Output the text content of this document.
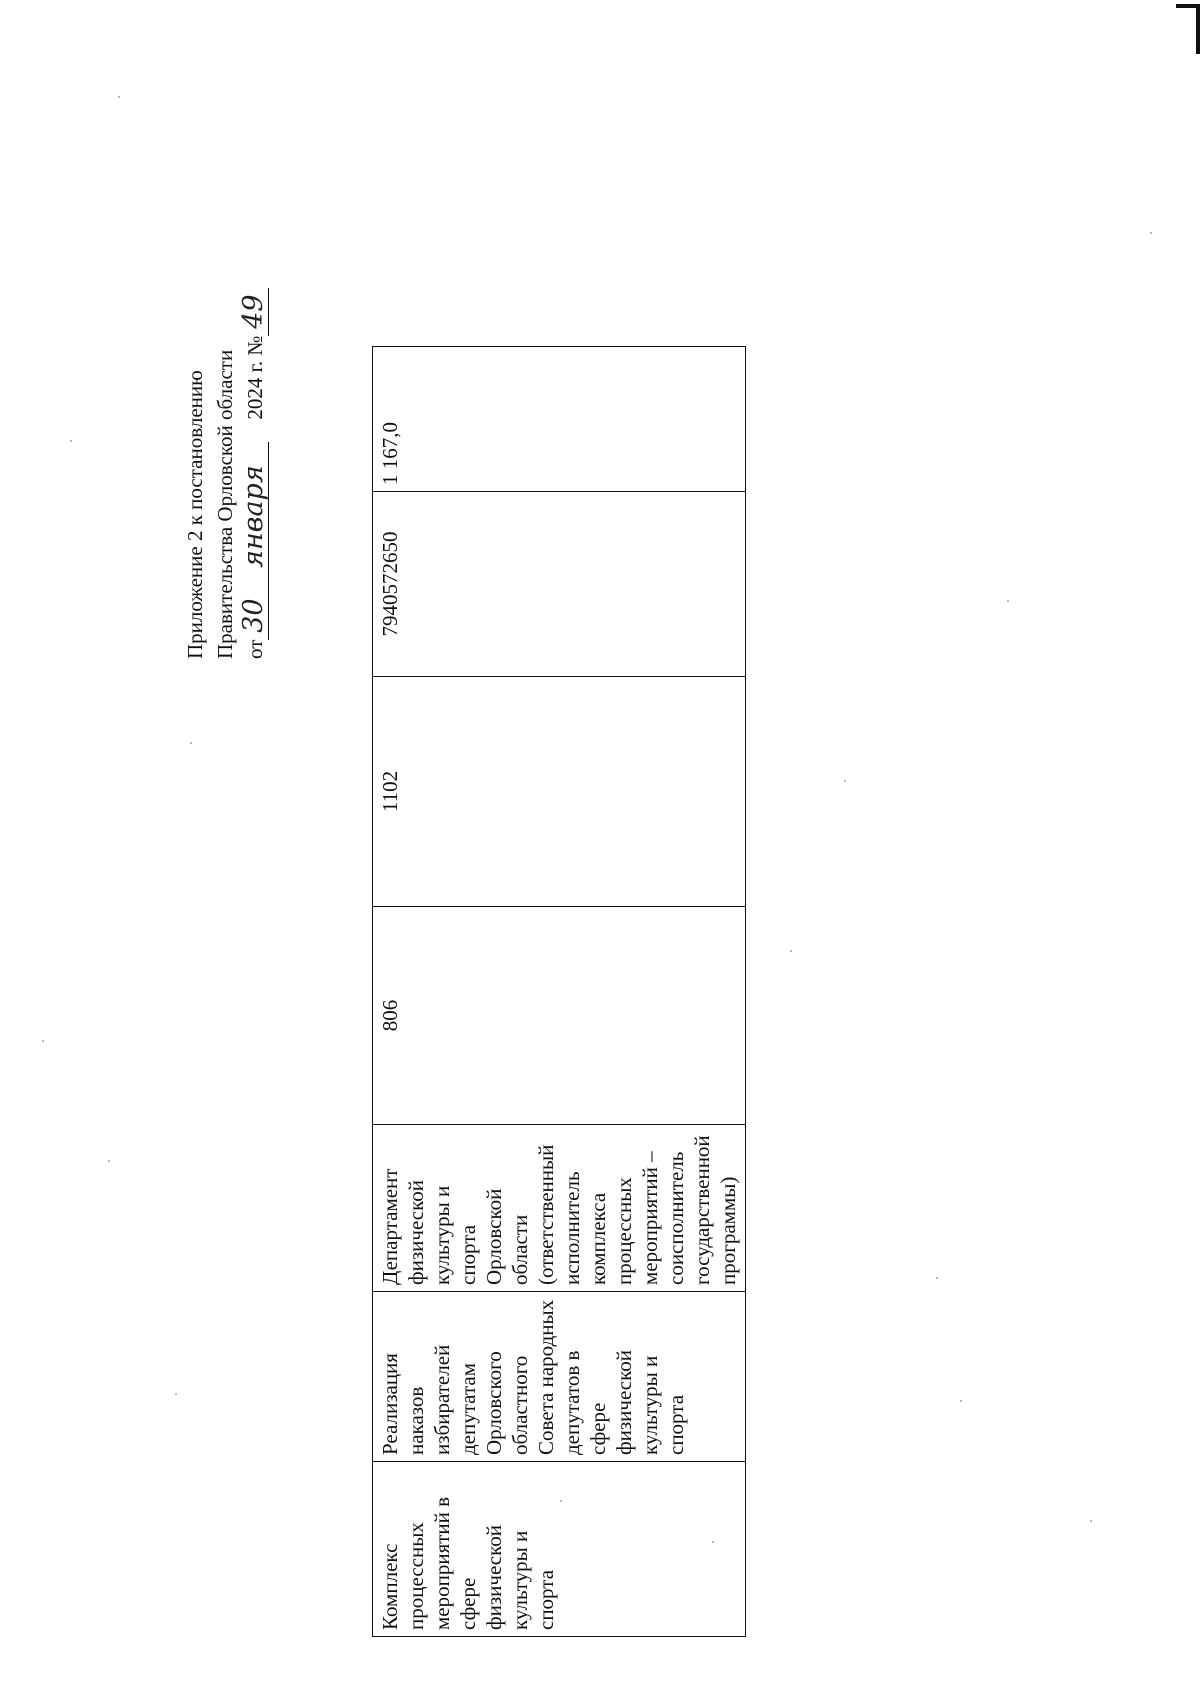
Приложение 2 к постановлению Правительства Орловской области от30января2024 г. №49
Комплекс процессных мероприятий в сфере физической культуры и спорта	Реализация наказов избирателей депутатам Орловского областного Совета народных депутатов в сфере физической культуры и спорта	Департамент физической культуры и спорта Орловской области (ответственный исполнитель комплекса процессных мероприятий – соисполнитель государственной программы)	806	1102	7940572650	1 167,0
